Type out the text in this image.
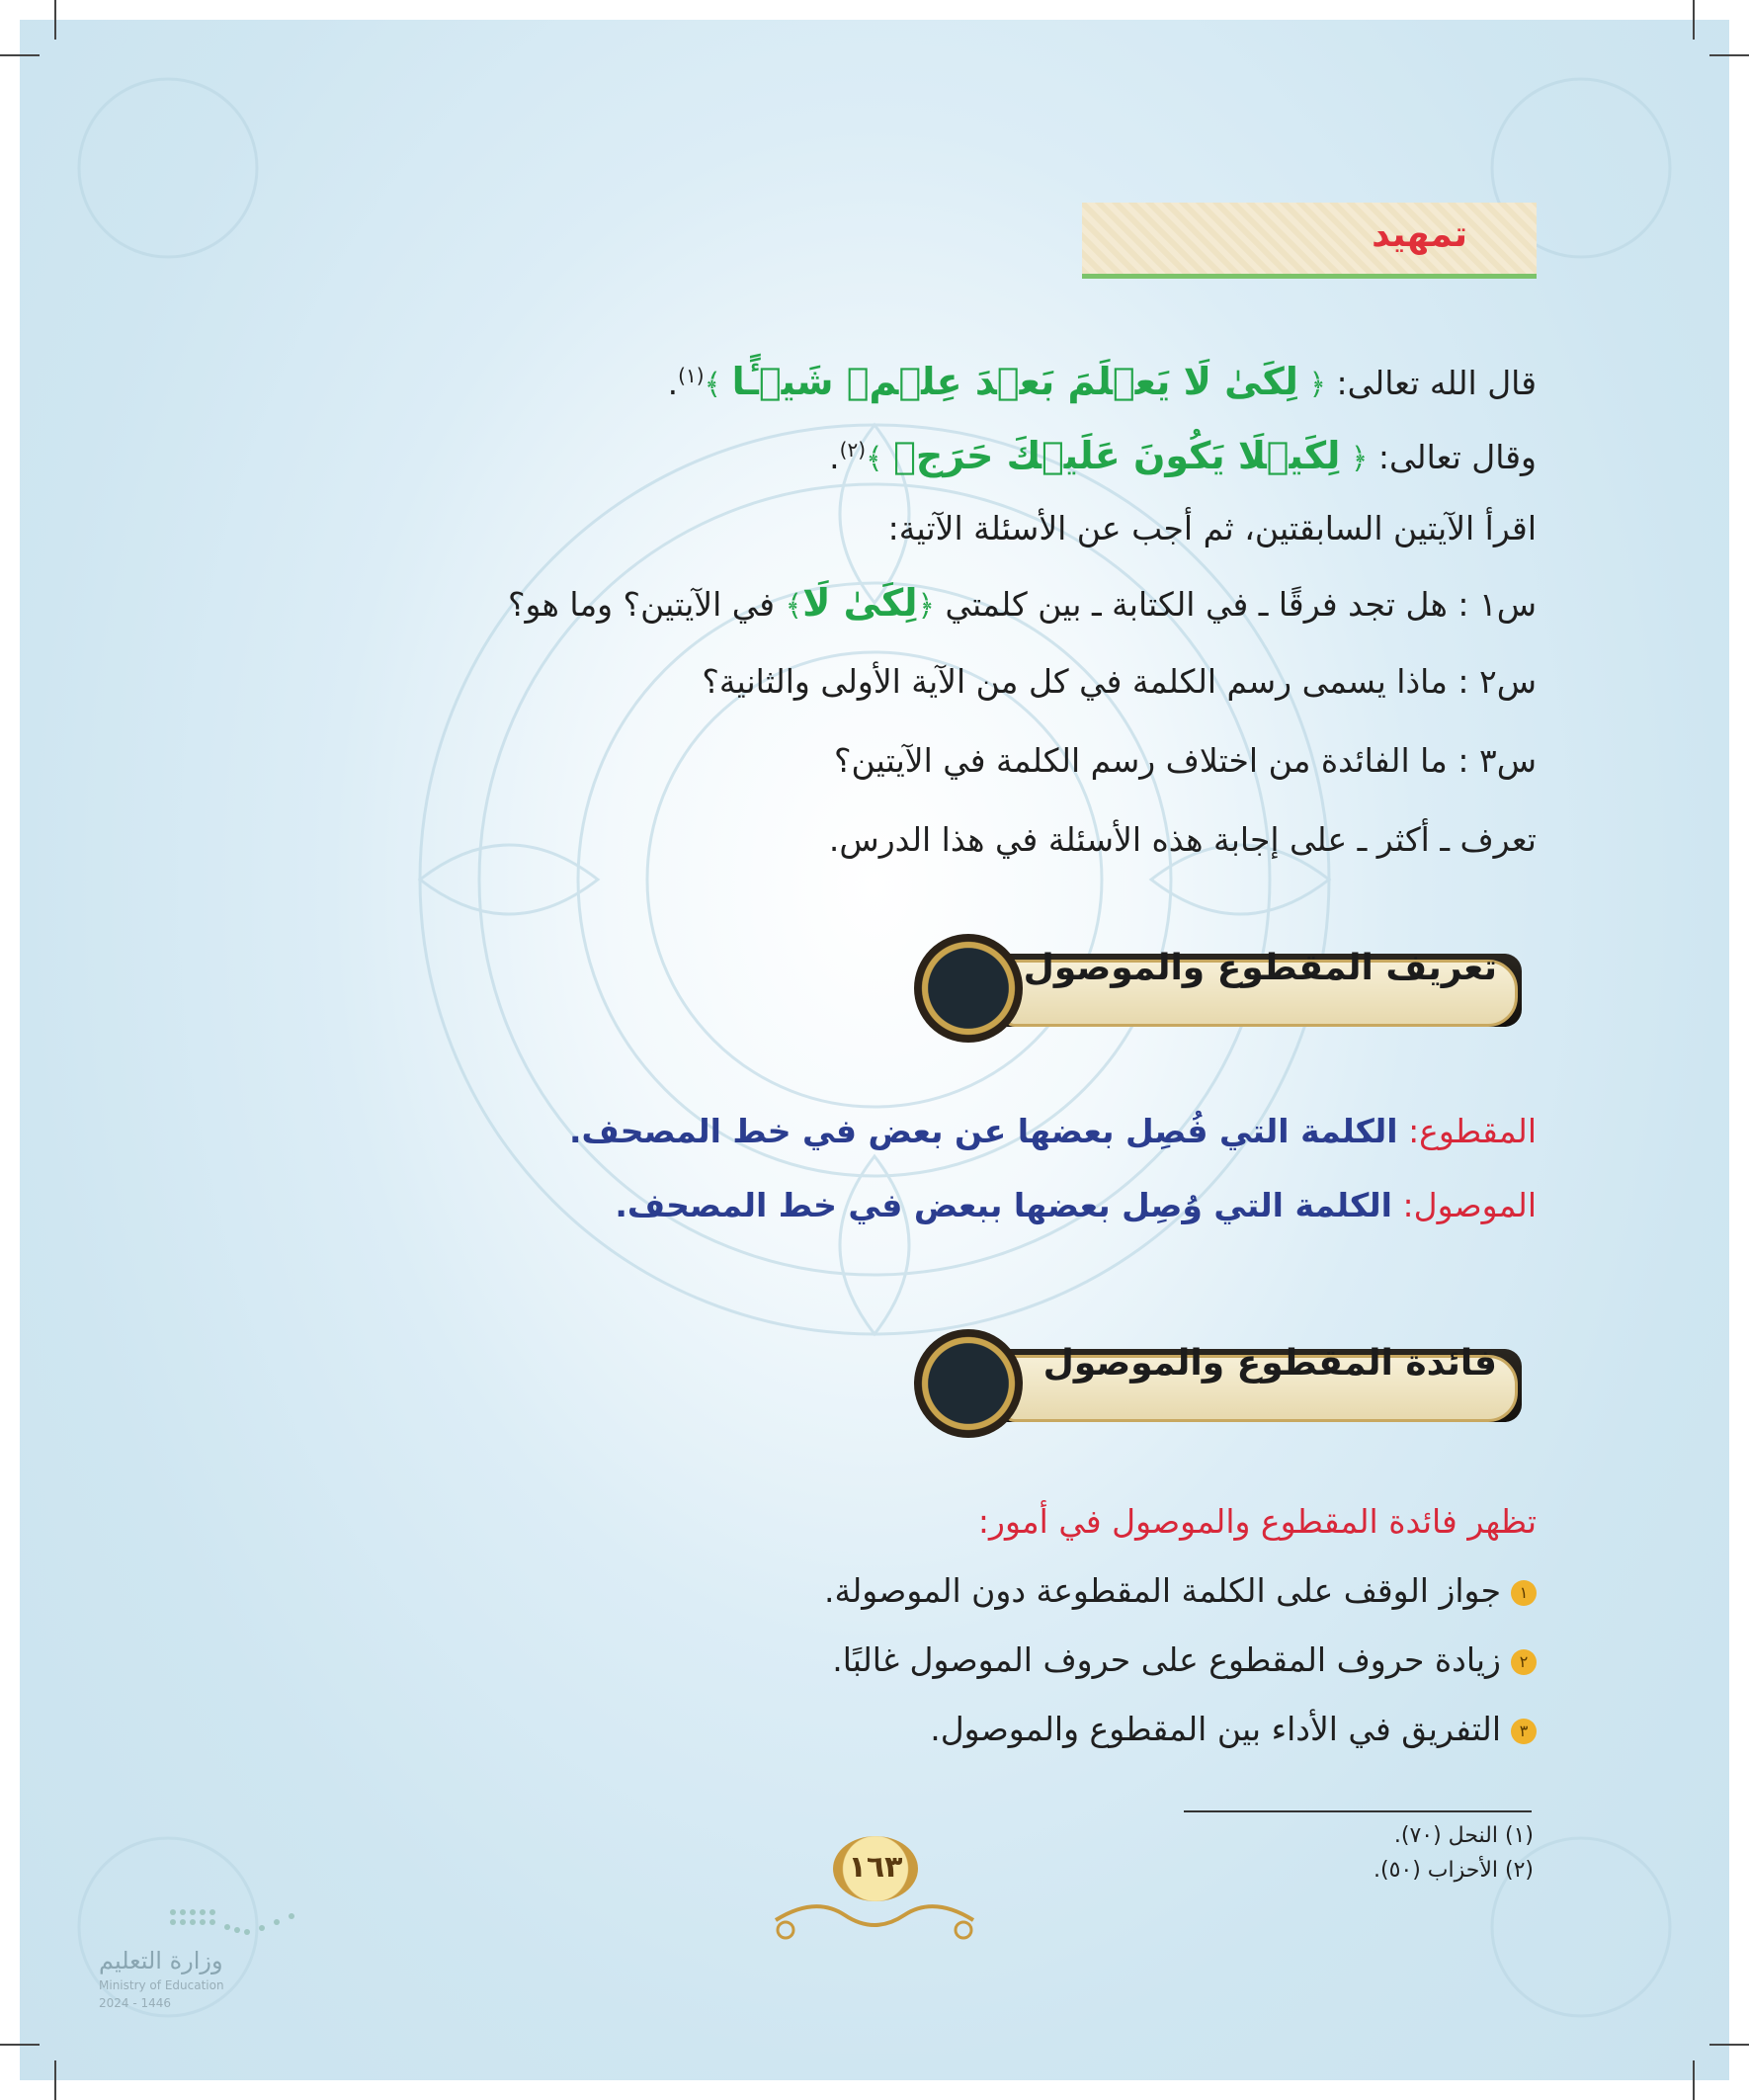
تمهيد
قال الله تعالى: ﴿ لِكَىٰ لَا يَعۡلَمَ بَعۡدَ عِلۡمٖ شَيۡـًٔا ﴾$^{(١)}$.
وقال تعالى: ﴿ لِكَيۡلَا يَكُونَ عَلَيۡكَ حَرَجٞ ﴾$^{(٢)}$.
اقرأ الآيتين السابقتين، ثم أجب عن الأسئلة الآتية:
س١ : هل تجد فرقًا ـ في الكتابة ـ بين كلمتي ﴿لِكَىٰ لَا﴾ في الآيتين؟ وما هو؟
س٢ : ماذا يسمى رسم الكلمة في كل من الآية الأولى والثانية؟
س٣ : ما الفائدة من اختلاف رسم الكلمة في الآيتين؟
تعرف ـ أكثر ـ على إجابة هذه الأسئلة في هذا الدرس.
تعريف المقطوع والموصول
المقطوع: الكلمة التي فُصِل بعضها عن بعض في خط المصحف.
الموصول: الكلمة التي وُصِل بعضها ببعض في خط المصحف.
فائدة المقطوع والموصول
تظهر فائدة المقطوع والموصول في أمور:
١جواز الوقف على الكلمة المقطوعة دون الموصولة.
٢زيادة حروف المقطوع على حروف الموصول غالبًا.
٣التفريق في الأداء بين المقطوع والموصول.
(١) النحل (٧٠).
(٢) الأحزاب (٥٠).
١٦٣
وزارة التعليم
Ministry of Education
2024 - 1446
